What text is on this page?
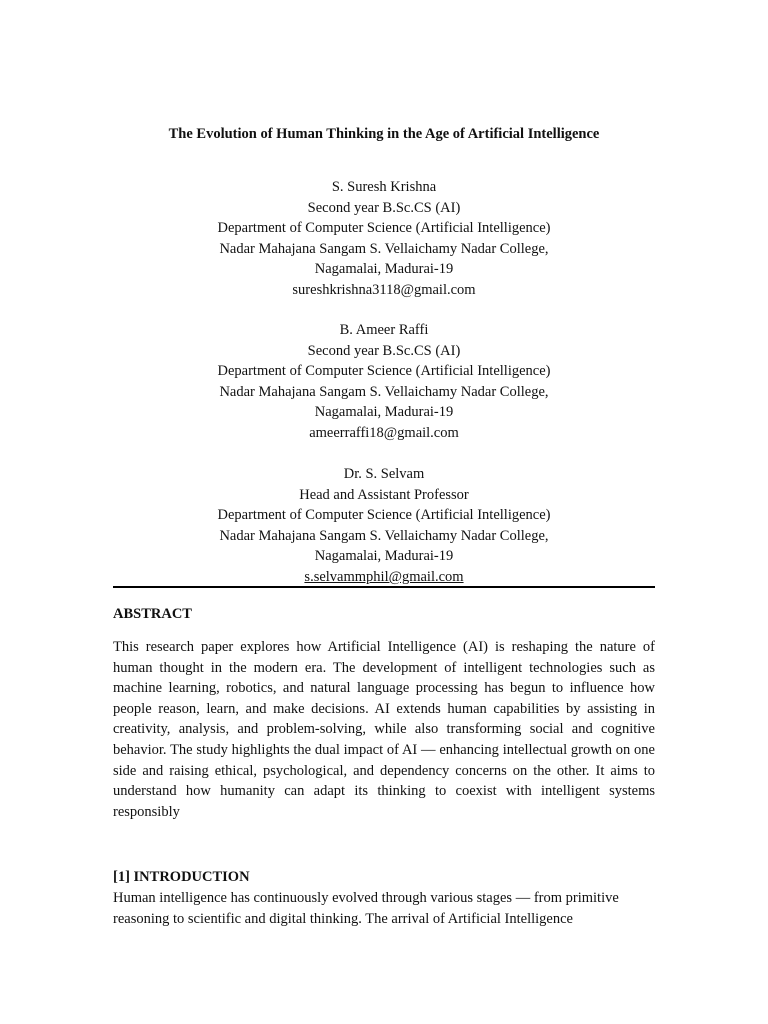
The Evolution of Human Thinking in the Age of Artificial Intelligence
S. Suresh Krishna
Second year B.Sc.CS (AI)
Department of Computer Science (Artificial Intelligence)
Nadar Mahajana Sangam S. Vellaichamy Nadar College,
Nagamalai, Madurai-19
sureshkrishna3118@gmail.com
B. Ameer Raffi
Second year B.Sc.CS (AI)
Department of Computer Science (Artificial Intelligence)
Nadar Mahajana Sangam S. Vellaichamy Nadar College,
Nagamalai, Madurai-19
ameerraffi18@gmail.com
Dr. S. Selvam
Head and Assistant Professor
Department of Computer Science (Artificial Intelligence)
Nadar Mahajana Sangam S. Vellaichamy Nadar College,
Nagamalai, Madurai-19
s.selvammphil@gmail.com
ABSTRACT
This research paper explores how Artificial Intelligence (AI) is reshaping the nature of human thought in the modern era. The development of intelligent technologies such as machine learning, robotics, and natural language processing has begun to influence how people reason, learn, and make decisions. AI extends human capabilities by assisting in creativity, analysis, and problem-solving, while also transforming social and cognitive behavior. The study highlights the dual impact of AI — enhancing intellectual growth on one side and raising ethical, psychological, and dependency concerns on the other. It aims to understand how humanity can adapt its thinking to coexist with intelligent systems responsibly
[1] INTRODUCTION
Human intelligence has continuously evolved through various stages — from primitive reasoning to scientific and digital thinking. The arrival of Artificial Intelligence
